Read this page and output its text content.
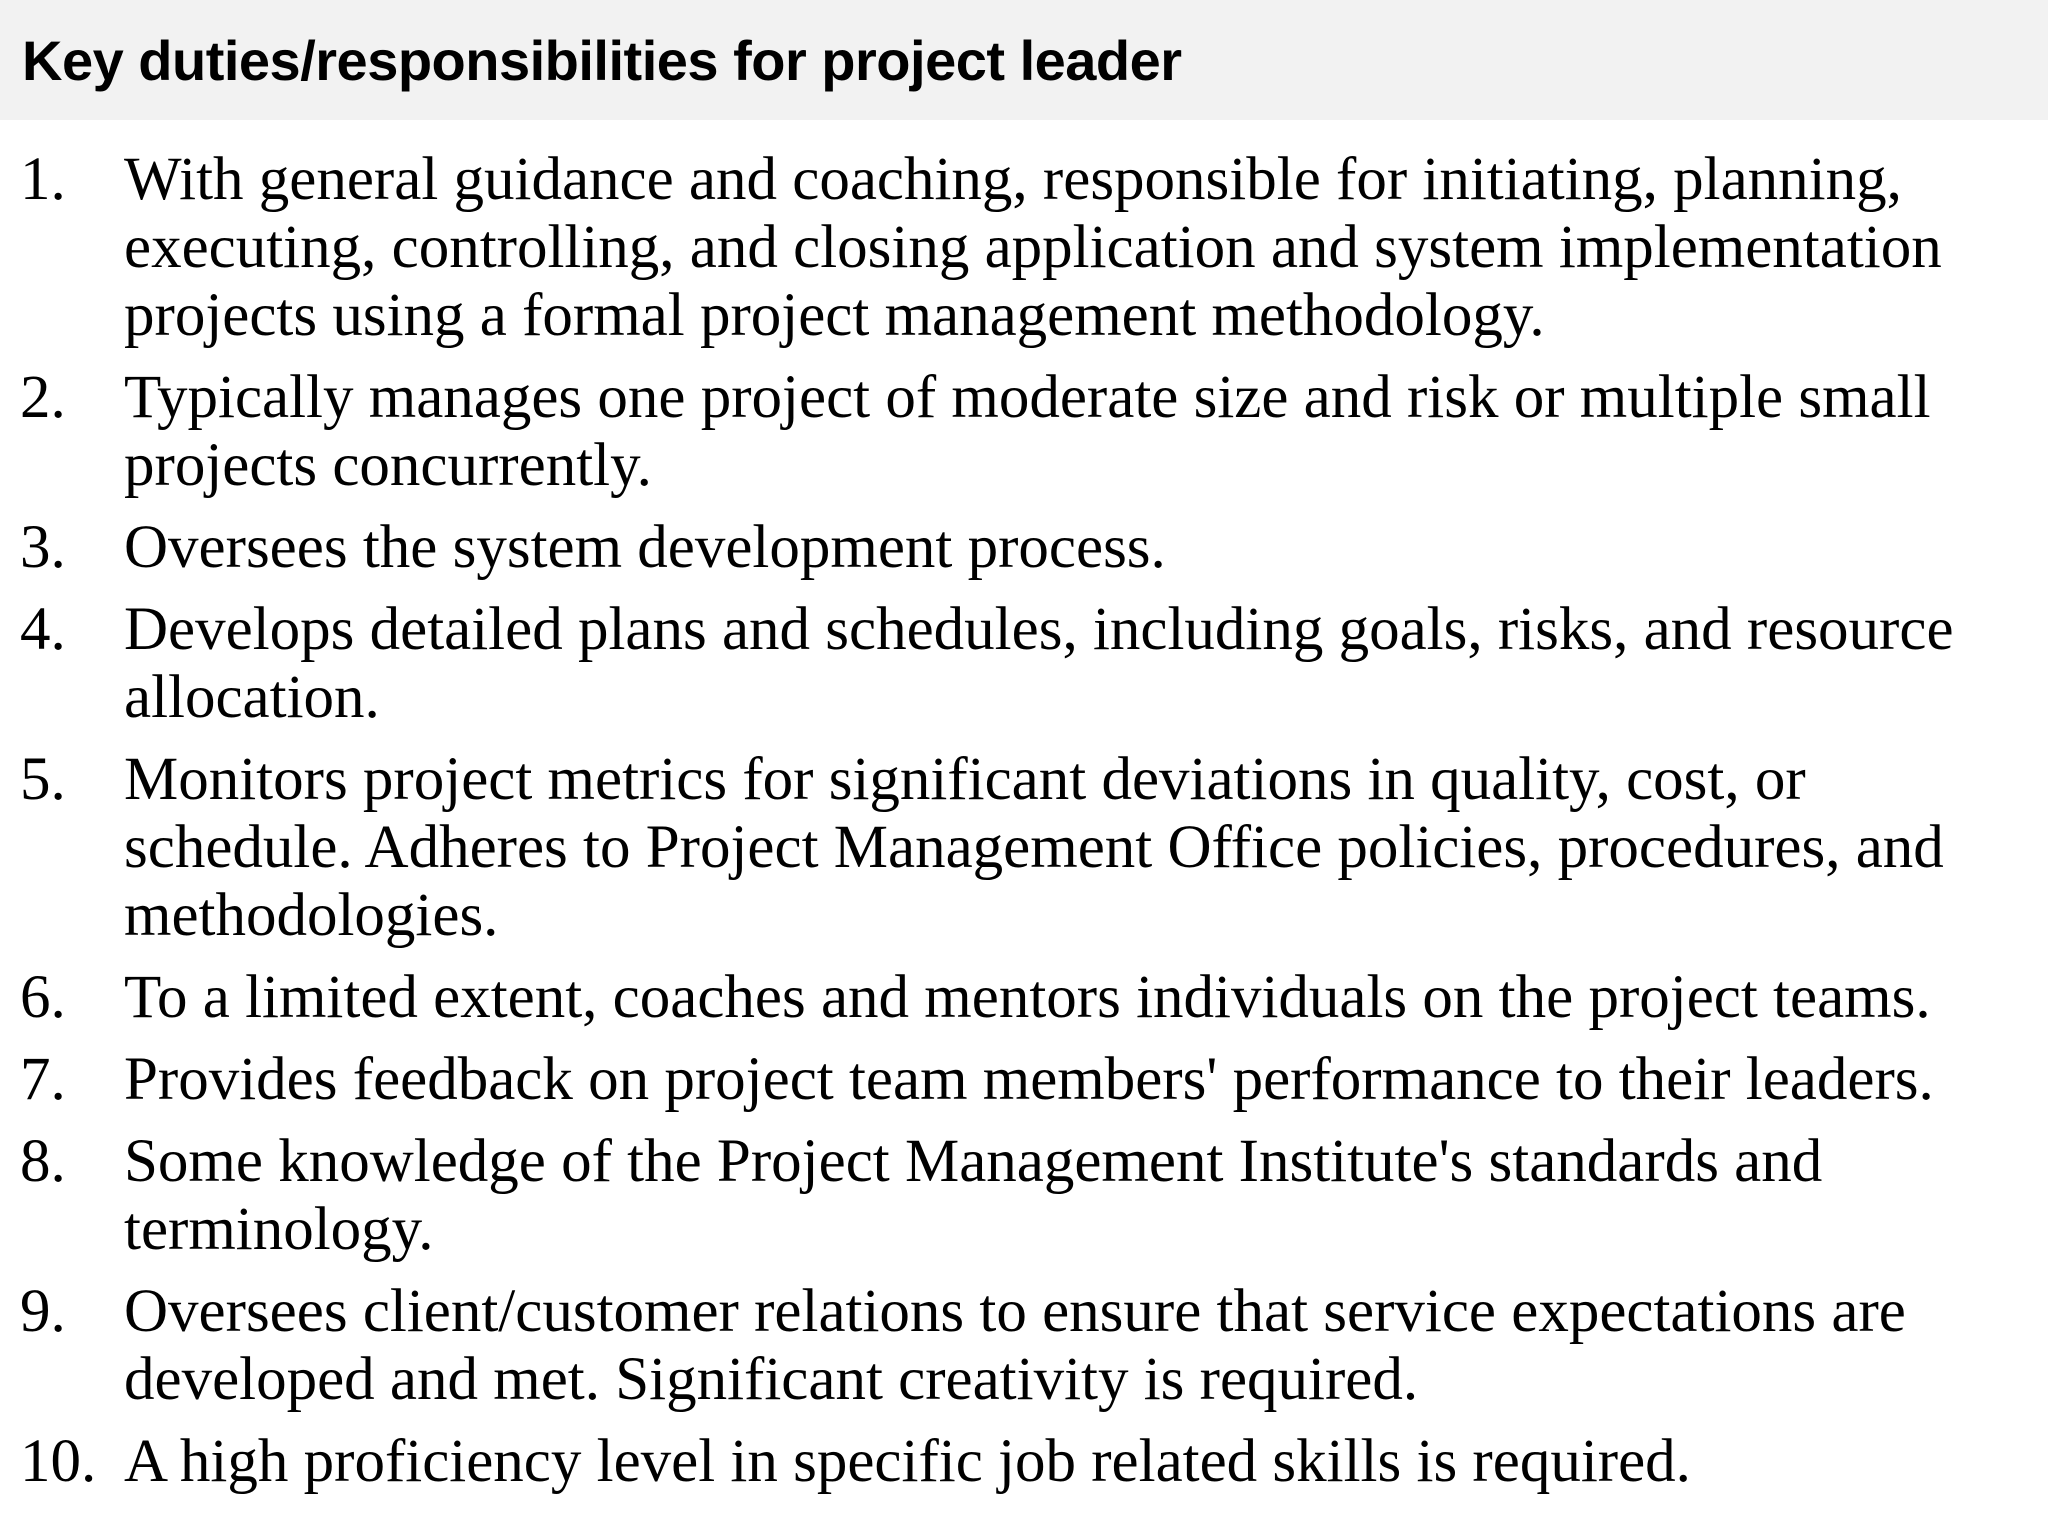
Key duties/responsibilities for project leader
1. With general guidance and coaching, responsible for initiating, planning,
executing, controlling, and closing application and system implementation
projects using a formal project management methodology.
2. Typically manages one project of moderate size and risk or multiple small
projects concurrently.
3. Oversees the system development process.
4. Develops detailed plans and schedules, including goals, risks, and resource
allocation.
5. Monitors project metrics for significant deviations in quality, cost, or
schedule. Adheres to Project Management Office policies, procedures, and
methodologies.
6. To a limited extent, coaches and mentors individuals on the project teams.
7. Provides feedback on project team members' performance to their leaders.
8. Some knowledge of the Project Management Institute's standards and
terminology.
9. Oversees client/customer relations to ensure that service expectations are
developed and met. Significant creativity is required.
10. A high proficiency level in specific job related skills is required.
